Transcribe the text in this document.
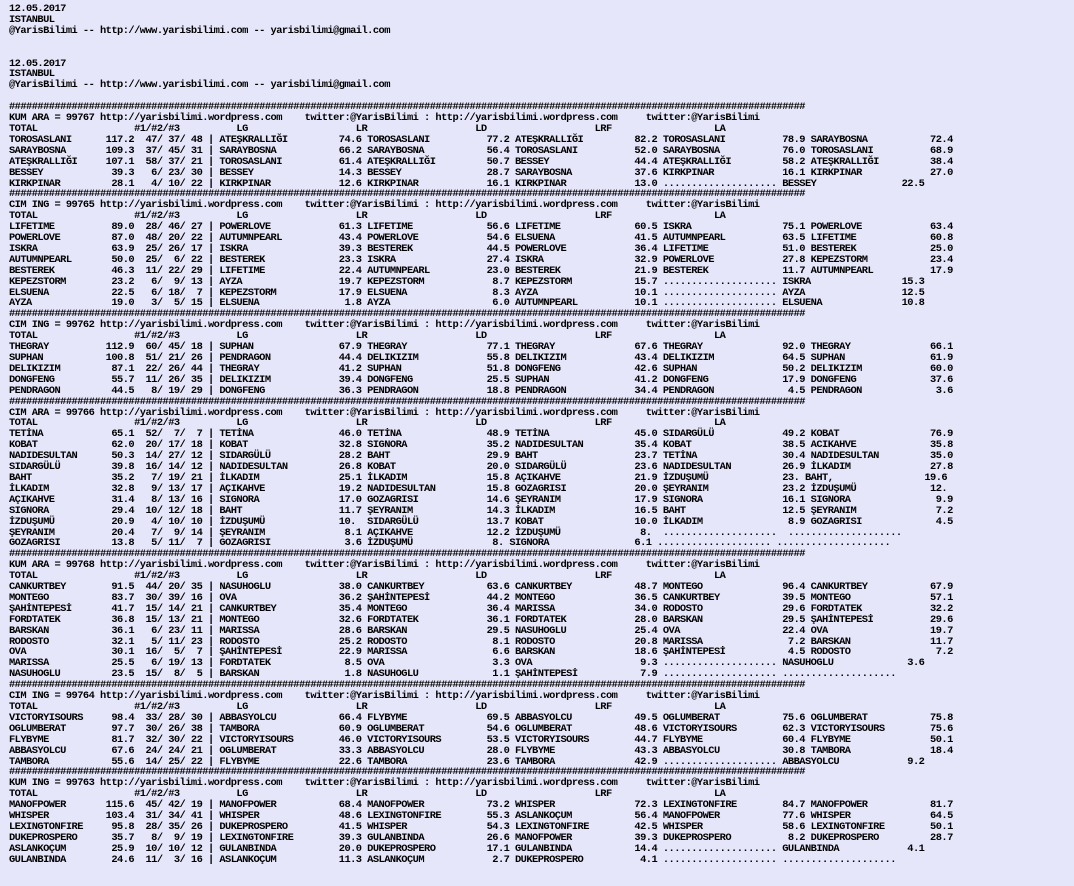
12.05.2017
ISTANBUL
@YarisBilimi -- http://www.yarisbilimi.com -- yarisbilimi@gmail.com

12.05.2017
ISTANBUL
@YarisBilimi -- http://www.yarisbilimi.com -- yarisbilimi@gmail.com

############################################################################################################################################
KUM ARA = 99767 http://yarisbilimi.wordpress.com    twitter:@YarisBilimi : http://yarisbilimi.wordpress.com     twitter:@YarisBilimi
TOTAL                 #1/#2/#3          LG                   LR                   LD                   LRF                  LA
TOROSASLANI      117.2  47/ 37/ 48 | ATEŞKRALLIĞI         74.6 TOROSASLANI          77.2 ATEŞKRALLIĞI         82.2 TOROSASLANI          78.9 SARAYBOSNA           72.4
SARAYBOSNA       109.3  37/ 45/ 31 | SARAYBOSNA           66.2 SARAYBOSNA           56.4 TOROSASLANI          52.0 SARAYBOSNA           76.0 TOROSASLANI          68.9
ATEŞKRALLIĞI     107.1  58/ 37/ 21 | TOROSASLANI          61.4 ATEŞKRALLIĞI         50.7 BESSEY               44.4 ATEŞKRALLIĞI         58.2 ATEŞKRALLIĞI         38.4
BESSEY            39.3   6/ 23/ 30 | BESSEY               14.3 BESSEY               28.7 SARAYBOSNA           37.6 KIRKPINAR            16.1 KIRKPINAR            27.0
KIRKPINAR         28.1   4/ 10/ 22 | KIRKPINAR            12.6 KIRKPINAR            16.1 KIRKPINAR            13.0 .................... BESSEY               22.5
############################################################################################################################################
CIM ING = 99765 http://yarisbilimi.wordpress.com    twitter:@YarisBilimi : http://yarisbilimi.wordpress.com     twitter:@YarisBilimi
TOTAL                 #1/#2/#3          LG                   LR                   LD                   LRF                  LA
LIFETIME          89.0  28/ 46/ 27 | POWERLOVE            61.3 LIFETIME             56.6 LIFETIME             60.5 ISKRA                75.1 POWERLOVE            63.4
POWERLOVE         87.0  48/ 20/ 22 | AUTUMNPEARL          43.4 POWERLOVE            54.6 ELSUENA              41.5 AUTUMNPEARL          63.5 LIFETIME             60.8
ISKRA             63.9  25/ 26/ 17 | ISKRA                39.3 BESTEREK             44.5 POWERLOVE            36.4 LIFETIME             51.0 BESTEREK             25.0
AUTUMNPEARL       50.0  25/  6/ 22 | BESTEREK             23.3 ISKRA                27.4 ISKRA                32.9 POWERLOVE            27.8 KEPEZSTORM           23.4
BESTEREK          46.3  11/ 22/ 29 | LIFETIME             22.4 AUTUMNPEARL          23.0 BESTEREK             21.9 BESTEREK             11.7 AUTUMNPEARL          17.9
KEPEZSTORM        23.2   6/  9/ 13 | AYZA                 19.7 KEPEZSTORM            8.7 KEPEZSTORM           15.7 .................... ISKRA                15.3
ELSUENA           22.5   6/ 18/  7 | KEPEZSTORM           17.9 ELSUENA               8.3 AYZA                 10.1 .................... AYZA                 12.5
AYZA              19.0   3/  5/ 15 | ELSUENA               1.8 AYZA                  6.0 AUTUMNPEARL          10.1 .................... ELSUENA              10.8
############################################################################################################################################
CIM ING = 99762 http://yarisbilimi.wordpress.com    twitter:@YarisBilimi : http://yarisbilimi.wordpress.com     twitter:@YarisBilimi
TOTAL                 #1/#2/#3          LG                   LR                   LD                   LRF                  LA
THEGRAY          112.9  60/ 45/ 18 | SUPHAN               67.9 THEGRAY              77.1 THEGRAY              67.6 THEGRAY              92.0 THEGRAY              66.1
SUPHAN           100.8  51/ 21/ 26 | PENDRAGON            44.4 DELIKIZIM            55.8 DELIKIZIM            43.4 DELIKIZIM            64.5 SUPHAN               61.9
DELIKIZIM         87.1  22/ 26/ 44 | THEGRAY              41.2 SUPHAN               51.8 DONGFENG             42.6 SUPHAN               50.2 DELIKIZIM            60.0
DONGFENG          55.7  11/ 26/ 35 | DELIKIZIM            39.4 DONGFENG             25.5 SUPHAN               41.2 DONGFENG             17.9 DONGFENG             37.6
PENDRAGON         44.5   8/ 19/ 29 | DONGFENG             36.3 PENDRAGON            18.8 PENDRAGON            34.4 PENDRAGON             4.5 PENDRAGON             3.6
############################################################################################################################################
CIM ARA = 99766 http://yarisbilimi.wordpress.com    twitter:@YarisBilimi : http://yarisbilimi.wordpress.com     twitter:@YarisBilimi
TOTAL                 #1/#2/#3          LG                   LR                   LD                   LRF                  LA
TETİNA            65.1  52/  7/  7 | TETİNA               46.0 TETİNA               48.9 TETİNA               45.0 SIDARGÜLÜ            49.2 KOBAT                76.9
KOBAT             62.0  20/ 17/ 18 | KOBAT                32.8 SIGNORA              35.2 NADIDESULTAN         35.4 KOBAT                38.5 ACIKAHVE             35.8
NADIDESULTAN      50.3  14/ 27/ 12 | SIDARGÜLÜ            28.2 BAHT                 29.9 BAHT                 23.7 TETİNA               30.4 NADIDESULTAN         35.0
SIDARGÜLÜ         39.8  16/ 14/ 12 | NADIDESULTAN         26.8 KOBAT                20.0 SIDARGÜLÜ            23.6 NADIDESULTAN         26.9 İLKADIM              27.8
BAHT              35.2   7/ 19/ 21 | İLKADIM              25.1 İLKADIM              15.8 AÇIKAHVE             21.9 İZDUŞUMÜ             23. BAHT,                19.6
İLKADIM           32.8   9/ 13/ 17 | AÇIKAHVE             19.2 NADIDESULTAN         15.8 GOZAGRISI            20.0 ŞEYRANIM             23.2 İZDUŞUMÜ             12.
AÇIKAHVE          31.4   8/ 13/ 16 | SIGNORA              17.0 GOZAGRISI            14.6 ŞEYRANIM             17.9 SIGNORA              16.1 SIGNORA               9.9
SIGNORA           29.4  10/ 12/ 18 | BAHT                 11.7 ŞEYRANIM             14.3 İLKADIM              16.5 BAHT                 12.5 ŞEYRANIM              7.2
İZDUŞUMÜ          20.9   4/ 10/ 10 | İZDUŞUMÜ             10.  SIDARGÜLÜ            13.7 KOBAT                10.0 İLKADIM               8.9 GOZAGRISI             4.5
ŞEYRANIM          20.4   7/  9/ 14 | ŞEYRANIM              8.1 AÇIKAHVE             12.2 İZDUŞUMÜ              8.  ....................  ....................
GOZAGRISI         13.8   5/ 11/  7 | GOZAGRISI             3.6 İZDUŞUMÜ              8. SIGNORA               6.1 .................... ....................
############################################################################################################################################
KUM ARA = 99768 http://yarisbilimi.wordpress.com    twitter:@YarisBilimi : http://yarisbilimi.wordpress.com     twitter:@YarisBilimi
TOTAL                 #1/#2/#3          LG                   LR                   LD                   LRF                  LA
CANKURTBEY        91.5  44/ 20/ 35 | NASUHOGLU            38.0 CANKURTBEY           63.6 CANKURTBEY           48.7 MONTEGO              96.4 CANKURTBEY           67.9
MONTEGO           83.7  30/ 39/ 16 | OVA                  36.2 ŞAHİNTEPESİ          44.2 MONTEGO              36.5 CANKURTBEY           39.5 MONTEGO              57.1
ŞAHİNTEPESİ       41.7  15/ 14/ 21 | CANKURTBEY           35.4 MONTEGO              36.4 MARISSA              34.0 RODOSTO              29.6 FORDTATEK            32.2
FORDTATEK         36.8  15/ 13/ 21 | MONTEGO              32.6 FORDTATEK            36.1 FORDTATEK            28.0 BARSKAN              29.5 ŞAHİNTEPESİ          29.6
BARSKAN           36.1   6/ 23/ 11 | MARISSA              28.6 BARSKAN              29.5 NASUHOGLU            25.4 OVA                  22.4 OVA                  19.7
RODOSTO           32.1   5/ 11/ 23 | RODOSTO              25.2 RODOSTO               8.1 RODOSTO              20.8 MARISSA               7.2 BARSKAN              11.7
OVA               30.1  16/  5/  7 | ŞAHİNTEPESİ          22.9 MARISSA               6.6 BARSKAN              18.6 ŞAHİNTEPESİ           4.5 RODOSTO               7.2
MARISSA           25.5   6/ 19/ 13 | FORDTATEK             8.5 OVA                   3.3 OVA                   9.3 .................... NASUHOGLU             3.6
NASUHOGLU         23.5  15/  8/  5 | BARSKAN               1.8 NASUHOGLU             1.1 ŞAHİNTEPESİ           7.9 .................... ....................
############################################################################################################################################
CIM ING = 99764 http://yarisbilimi.wordpress.com    twitter:@YarisBilimi : http://yarisbilimi.wordpress.com     twitter:@YarisBilimi
TOTAL                 #1/#2/#3          LG                   LR                   LD                   LRF                  LA
VICTORYISOURS     98.4  33/ 28/ 30 | ABBASYOLCU           66.4 FLYBYME              69.5 ABBASYOLCU           49.5 OGLUMBERAT           75.6 OGLUMBERAT           75.8
OGLUMBERAT        97.7  30/ 26/ 38 | TAMBORA              60.9 OGLUMBERAT           54.6 OGLUMBERAT           48.6 VICTORYISOURS        62.3 VICTORYISOURS        75.6
FLYBYME           81.7  32/ 30/ 22 | VICTORYISOURS        46.0 VICTORYISOURS        53.5 VICTORYISOURS        44.7 FLYBYME              60.4 FLYBYME              50.1
ABBASYOLCU        67.6  24/ 24/ 21 | OGLUMBERAT           33.3 ABBASYOLCU           28.0 FLYBYME              43.3 ABBASYOLCU           30.8 TAMBORA              18.4
TAMBORA           55.6  14/ 25/ 22 | FLYBYME              22.6 TAMBORA              23.6 TAMBORA              42.9 .................... ABBASYOLCU            9.2
############################################################################################################################################
KUM ING = 99763 http://yarisbilimi.wordpress.com    twitter:@YarisBilimi : http://yarisbilimi.wordpress.com     twitter:@YarisBilimi
TOTAL                 #1/#2/#3          LG                   LR                   LD                   LRF                  LA
MANOFPOWER       115.6  45/ 42/ 19 | MANOFPOWER           68.4 MANOFPOWER           73.2 WHISPER              72.3 LEXINGTONFIRE        84.7 MANOFPOWER           81.7
WHISPER          103.4  31/ 34/ 41 | WHISPER              48.6 LEXINGTONFIRE        55.3 ASLANKOÇUM           56.4 MANOFPOWER           77.6 WHISPER              64.5
LEXINGTONFIRE     95.8  28/ 35/ 26 | DUKEPROSPERO         41.5 WHISPER              54.3 LEXINGTONFIRE        42.5 WHISPER              58.6 LEXINGTONFIRE        50.1
DUKEPROSPERO      35.7   8/  9/ 19 | LEXINGTONFIRE        39.3 GULANBINDA           26.6 MANOFPOWER           39.3 DUKEPROSPERO          8.2 DUKEPROSPERO         28.7
ASLANKOÇUM        25.9  10/ 10/ 12 | GULANBINDA           20.0 DUKEPROSPERO         17.1 GULANBINDA           14.4 .................... GULANBINDA            4.1
GULANBINDA        24.6  11/  3/ 16 | ASLANKOÇUM           11.3 ASLANKOÇUM            2.7 DUKEPROSPERO          4.1 .................... ....................
